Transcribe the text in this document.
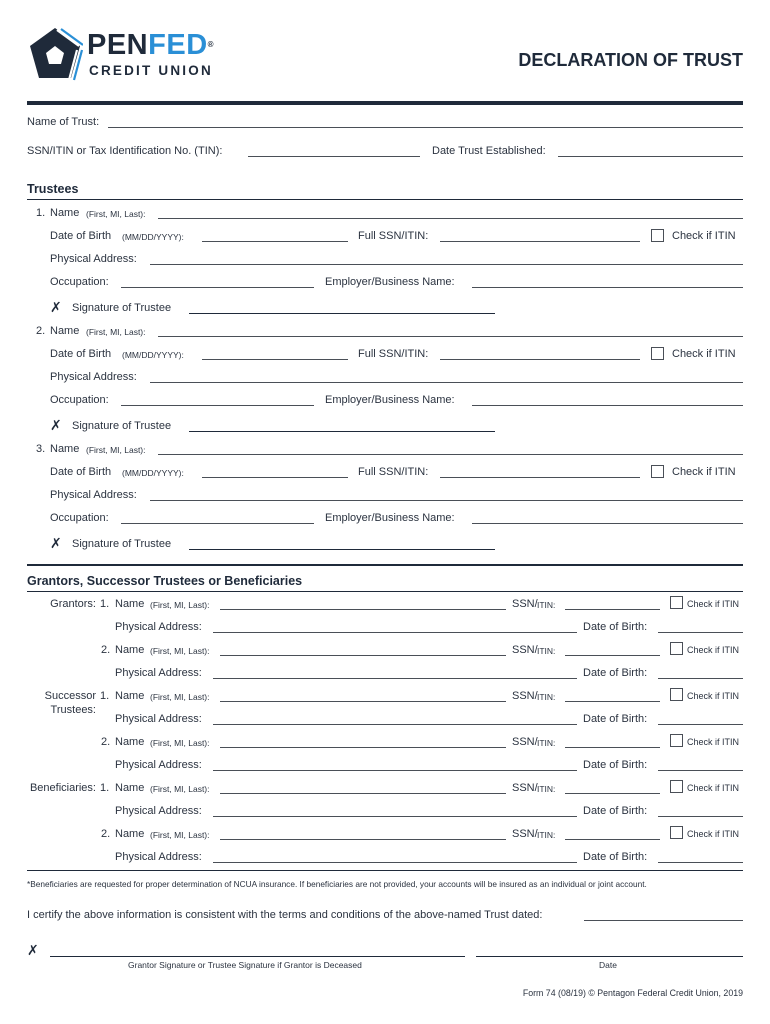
PENFED®
CREDIT UNION
DECLARATION OF TRUST
Name of Trust:
SSN/ITIN or Tax Identification No. (TIN):	Date Trust Established:
Trustees
1. Name (First, MI, Last):
Date of Birth (MM/DD/YYYY):	Full SSN/ITIN:	Check if ITIN
Physical Address:
Occupation:	Employer/Business Name:
✗ Signature of Trustee
2. Name (First, MI, Last):
Date of Birth (MM/DD/YYYY):	Full SSN/ITIN:	Check if ITIN
Physical Address:
Occupation:	Employer/Business Name:
✗ Signature of Trustee
3. Name (First, MI, Last):
Date of Birth (MM/DD/YYYY):	Full SSN/ITIN:	Check if ITIN
Physical Address:
Occupation:	Employer/Business Name:
✗ Signature of Trustee
Grantors, Successor Trustees or Beneficiaries
Grantors: 1. Name (First, MI, Last):	SSN/ ITIN:	Check if ITIN
Physical Address:	Date of Birth:
2. Name (First, MI, Last):	SSN/ ITIN:	Check if ITIN
Physical Address:	Date of Birth:
Successor
Trustees:
1. Name (First, MI, Last):	SSN/ ITIN:	Check if ITIN
Physical Address:	Date of Birth:
2. Name (First, MI, Last):	SSN/ ITIN:	Check if ITIN
Physical Address:	Date of Birth:
Beneficiaries: 1. Name (First, MI, Last):	SSN/ ITIN:	Check if ITIN
Physical Address:	Date of Birth:
2. Name (First, MI, Last):	SSN/ ITIN:	Check if ITIN
Physical Address:	Date of Birth:
*Beneficiaries are requested for proper determination of NCUA insurance. If beneficiaries are not provided, your accounts will be insured as an individual or joint account.
I certify the above information is consistent with the terms and conditions of the above-named Trust dated:
✗
Grantor Signature or Trustee Signature if Grantor is Deceased	Date
Form 74 (08/19) © Pentagon Federal Credit Union, 2019
